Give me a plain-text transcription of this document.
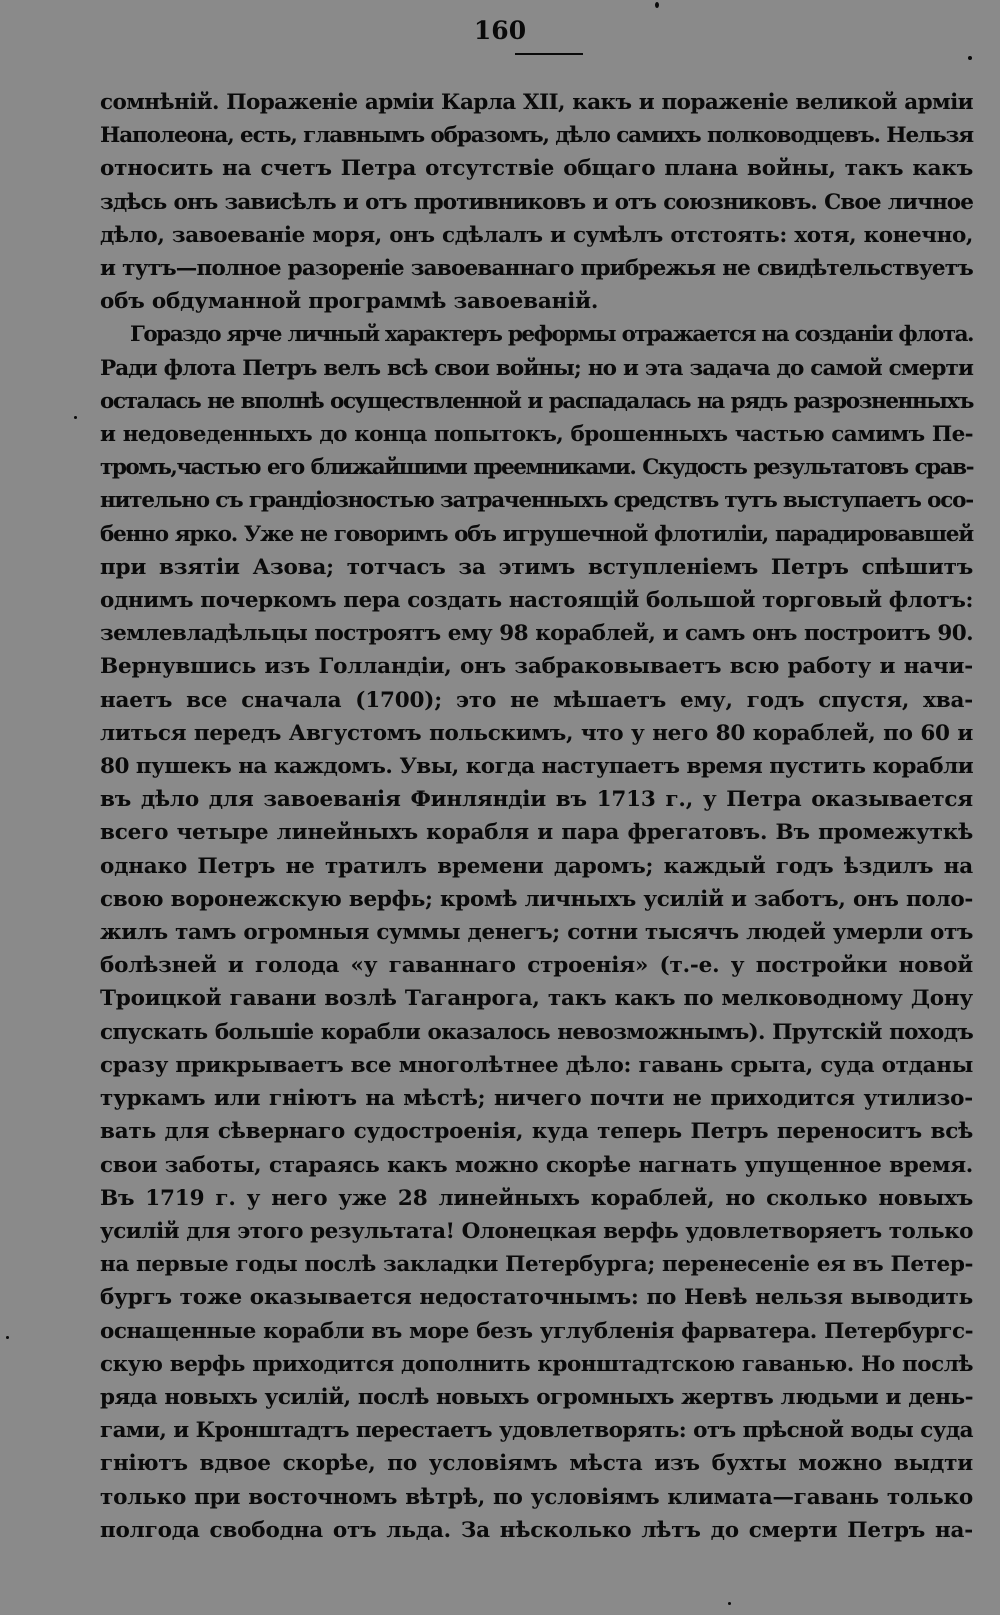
160
сомнѣній. Пораженіе арміи Карла XII, какъ и пораженіе великой арміи
Наполеона, есть, главнымъ образомъ, дѣло самихъ полководцевъ. Нельзя
относить на счетъ Петра отсутствіе общаго плана войны, такъ какъ
здѣсь онъ зависѣлъ и отъ противниковъ и отъ союзниковъ. Свое личное
дѣло, завоеваніе моря, онъ сдѣлалъ и сумѣлъ отстоять: хотя, конечно,
и тутъ—полное разореніе завоеваннаго прибрежья не свидѣтельствуетъ
объ обдуманной программѣ завоеваній.
Гораздо ярче личный характеръ реформы отражается на созданіи флота.
Ради флота Петръ велъ всѣ свои войны; но и эта задача до самой смерти
осталась не вполнѣ осуществленной и распадалась на рядъ разрозненныхъ
и недоведенныхъ до конца попытокъ, брошенныхъ частью самимъ Пе-
тромъ,частью его ближайшими преемниками. Скудость результатовъ срав-
нительно съ грандіозностью затраченныхъ средствъ тутъ выступаетъ осо-
бенно ярко. Уже не говоримъ объ игрушечной флотиліи, парадировавшей
при взятіи Азова; тотчасъ за этимъ вступленіемъ Петръ спѣшитъ
однимъ почеркомъ пера создать настоящій большой торговый флотъ:
землевладѣльцы построятъ ему 98 кораблей, и самъ онъ построитъ 90.
Вернувшись изъ Голландіи, онъ забраковываетъ всю работу и начи-
наетъ все сначала (1700); это не мѣшаетъ ему, годъ спустя, хва-
литься передъ Августомъ польскимъ, что у него 80 кораблей, по 60 и
80 пушекъ на каждомъ. Увы, когда наступаетъ время пустить корабли
въ дѣло для завоеванія Финляндіи въ 1713 г., у Петра оказывается
всего четыре линейныхъ корабля и пара фрегатовъ. Въ промежуткѣ
однако Петръ не тратилъ времени даромъ; каждый годъ ѣздилъ на
свою воронежскую верфь; кромѣ личныхъ усилій и заботъ, онъ поло-
жилъ тамъ огромныя суммы денегъ; сотни тысячъ людей умерли отъ
болѣзней и голода «у гаваннаго строенія» (т.-е. у постройки новой
Троицкой гавани возлѣ Таганрога, такъ какъ по мелководному Дону
спускать большіе корабли оказалось невозможнымъ). Прутскій походъ
сразу прикрываетъ все многолѣтнее дѣло: гавань срыта, суда отданы
туркамъ или гніютъ на мѣстѣ; ничего почти не приходится утилизо-
вать для сѣвернаго судостроенія, куда теперь Петръ переноситъ всѣ
свои заботы, стараясь какъ можно скорѣе нагнать упущенное время.
Въ 1719 г. у него уже 28 линейныхъ кораблей, но сколько новыхъ
усилій для этого результата! Олонецкая верфь удовлетворяетъ только
на первые годы послѣ закладки Петербурга; перенесеніе ея въ Петер-
бургъ тоже оказывается недостаточнымъ: по Невѣ нельзя выводить
оснащенные корабли въ море безъ углубленія фарватера. Петербургс-
скую верфь приходится дополнить кронштадтскою гаванью. Но послѣ
ряда новыхъ усилій, послѣ новыхъ огромныхъ жертвъ людьми и день-
гами, и Кронштадтъ перестаетъ удовлетворять: отъ прѣсной воды суда
гніютъ вдвое скорѣе, по условіямъ мѣста изъ бухты можно выдти
только при восточномъ вѣтрѣ, по условіямъ климата—гавань только
полгода свободна отъ льда. За нѣсколько лѣтъ до смерти Петръ на-
